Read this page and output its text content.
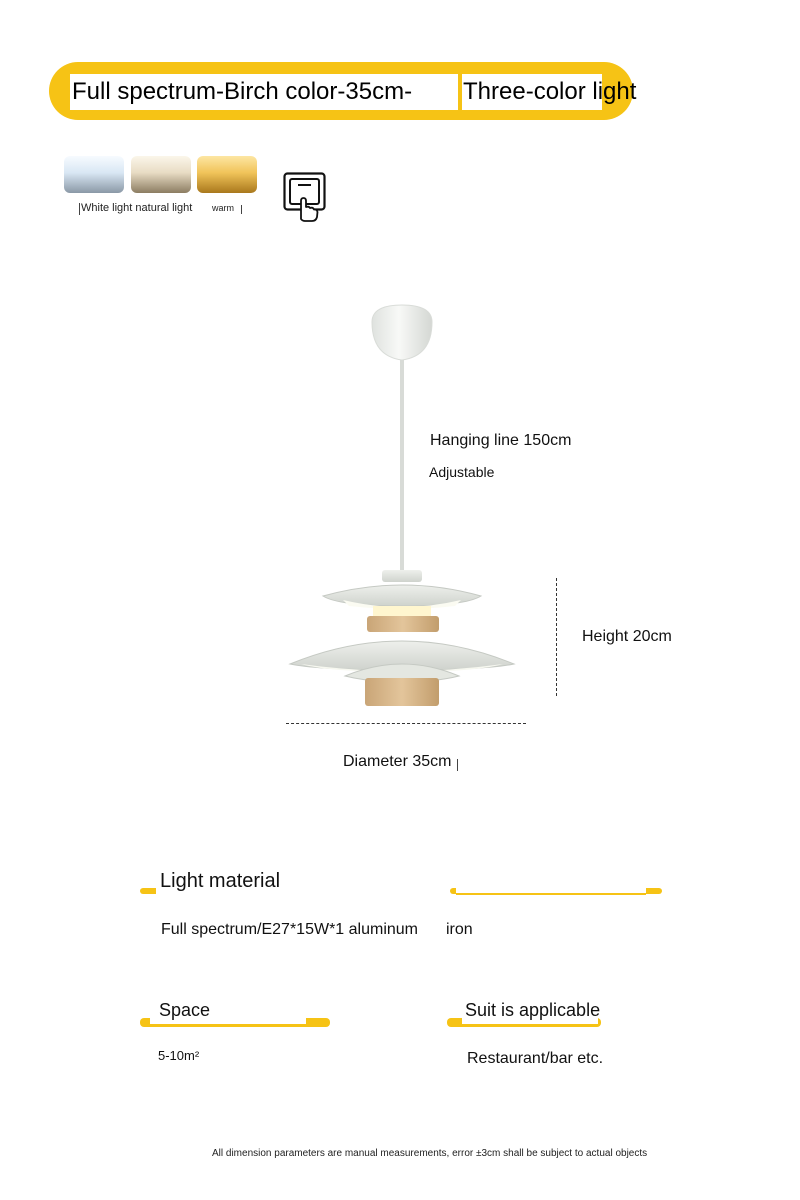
Full spectrum-Birch color-35cm- Three-color light
White light natural light warm
Hanging line 150cm
Adjustable
Height 20cm
Diameter 35cm
Light material
Full spectrum/E27*15W*1 aluminum iron
Space
5-10m²
Suit is applicable
Restaurant/bar etc.
All dimension parameters are manual measurements, error ±3cm shall be subject to actual objects
